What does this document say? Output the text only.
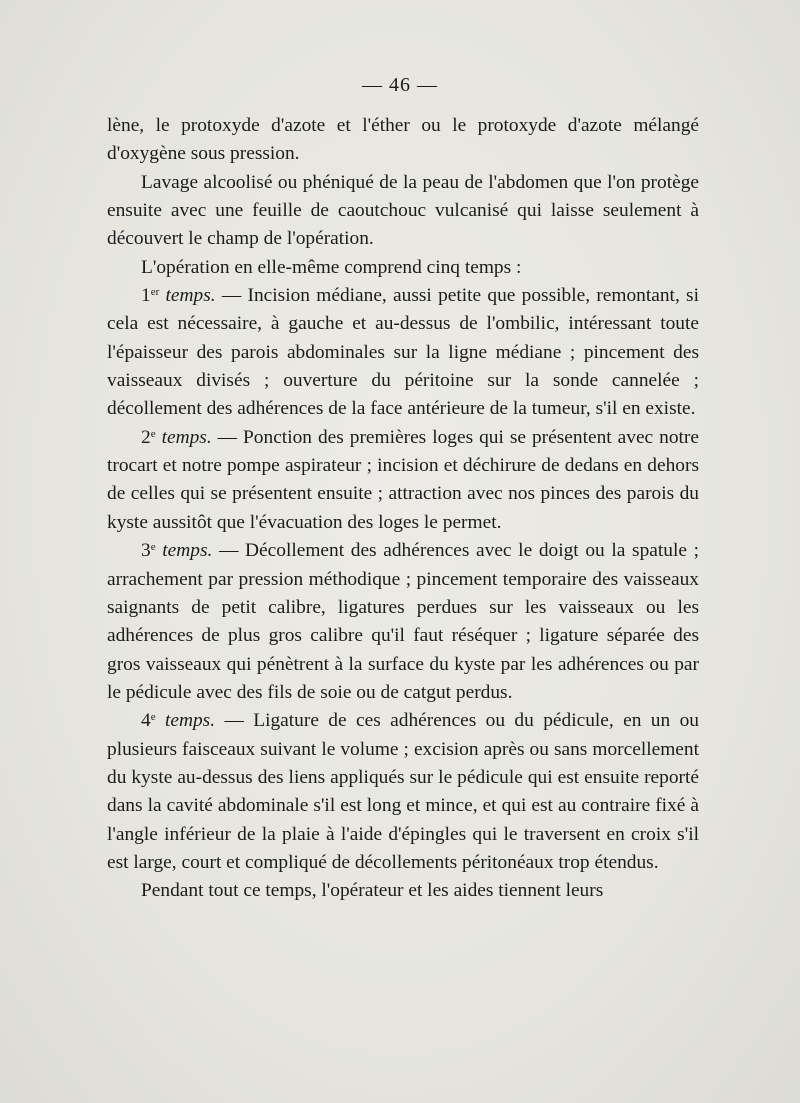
— 46 —

lène, le protoxyde d'azote et l'éther ou le protoxyde d'azote mélangé d'oxygène sous pression.

Lavage alcoolisé ou phéniqué de la peau de l'abdomen que l'on protège ensuite avec une feuille de caoutchouc vulcanisé qui laisse seulement à découvert le champ de l'opération.

L'opération en elle-même comprend cinq temps :

1er temps. — Incision médiane, aussi petite que possible, remontant, si cela est nécessaire, à gauche et au-dessus de l'ombilic, intéressant toute l'épaisseur des parois abdominales sur la ligne médiane ; pincement des vaisseaux divisés ; ouverture du péritoine sur la sonde cannelée ; décollement des adhérences de la face antérieure de la tumeur, s'il en existe.

2e temps. — Ponction des premières loges qui se présentent avec notre trocart et notre pompe aspirateur ; incision et déchirure de dedans en dehors de celles qui se présentent ensuite ; attraction avec nos pinces des parois du kyste aussitôt que l'évacuation des loges le permet.

3e temps. — Décollement des adhérences avec le doigt ou la spatule ; arrachement par pression méthodique ; pincement temporaire des vaisseaux saignants de petit calibre, ligatures perdues sur les vaisseaux ou les adhérences de plus gros calibre qu'il faut réséquer ; ligature séparée des gros vaisseaux qui pénètrent à la surface du kyste par les adhérences ou par le pédicule avec des fils de soie ou de catgut perdus.

4e temps. — Ligature de ces adhérences ou du pédicule, en un ou plusieurs faisceaux suivant le volume ; excision après ou sans morcellement du kyste au-dessus des liens appliqués sur le pédicule qui est ensuite reporté dans la cavité abdominale s'il est long et mince, et qui est au contraire fixé à l'angle inférieur de la plaie à l'aide d'épingles qui le traversent en croix s'il est large, court et compliqué de décollements péritonéaux trop étendus.

Pendant tout ce temps, l'opérateur et les aides tiennent leurs
